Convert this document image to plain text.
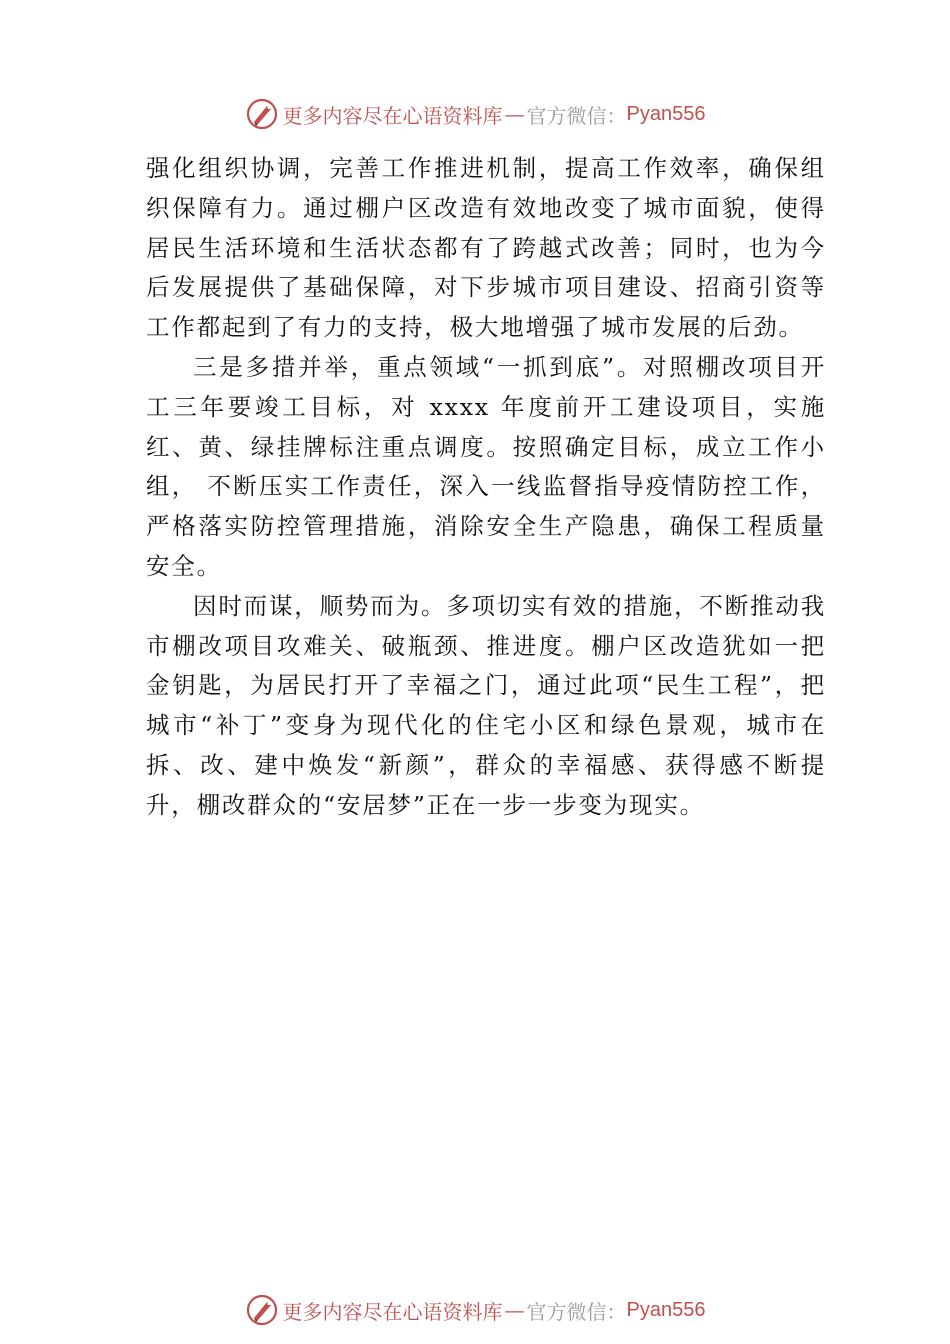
更多内容尽在心语资料库 — 官方微信： Pyan556

强化组织协调，完善工作推进机制，提高工作效率，确保组织保障有力。通过棚户区改造有效地改变了城市面貌，使得居民生活环境和生活状态都有了跨越式改善；同时，也为今后发展提供了基础保障，对下步城市项目建设、招商引资等工作都起到了有力的支持，极大地增强了城市发展的后劲。

三是多措并举，重点领域“一抓到底”。对照棚改项目开工三年要竣工目标，对 xxxx 年度前开工建设项目，实施红、黄、绿挂牌标注重点调度。按照确定目标，成立工作小组， 不断压实工作责任，深入一线监督指导疫情防控工作，严格落实防控管理措施，消除安全生产隐患，确保工程质量安全。

因时而谋，顺势而为。多项切实有效的措施，不断推动我市棚改项目攻难关、破瓶颈、推进度。棚户区改造犹如一把金钥匙，为居民打开了幸福之门，通过此项“民生工程”，把城市“补丁”变身为现代化的住宅小区和绿色景观，城市在拆、改、建中焕发“新颜”，群众的幸福感、获得感不断提升，棚改群众的“安居梦”正在一步一步变为现实。

更多内容尽在心语资料库 — 官方微信： Pyan556
